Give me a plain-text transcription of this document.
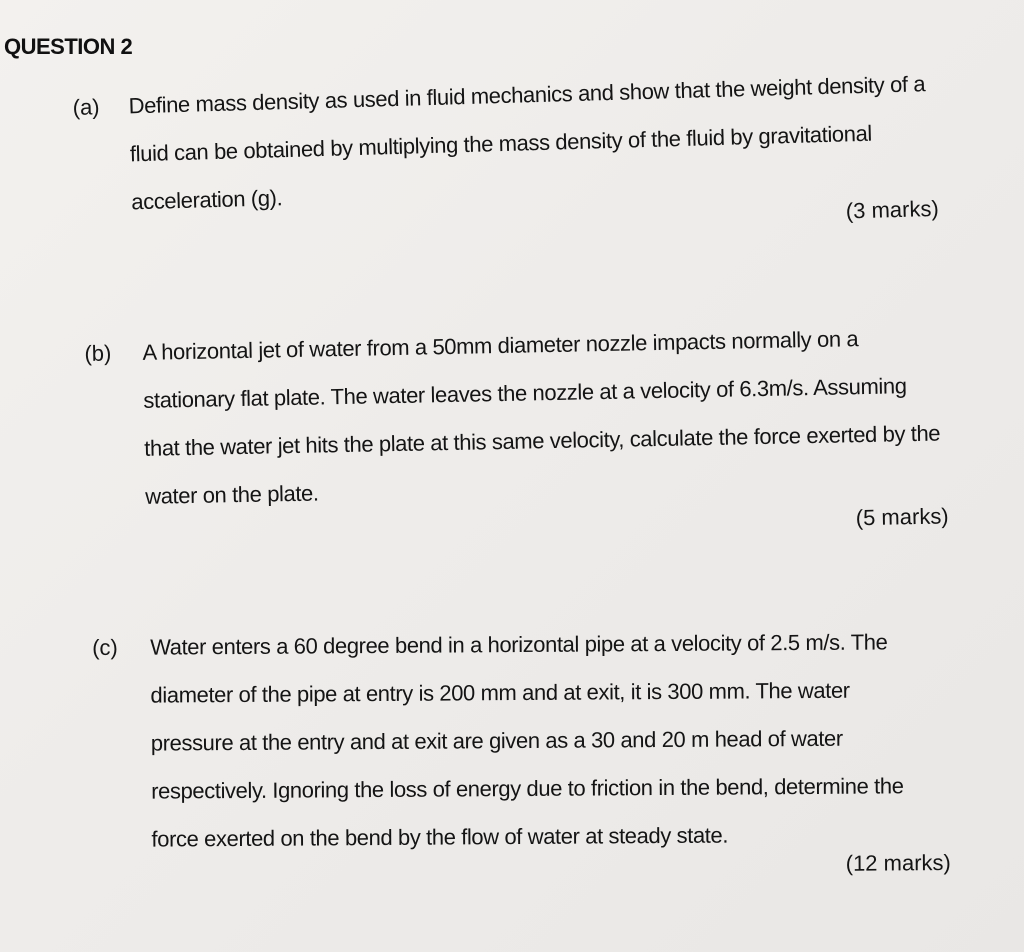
QUESTION 2
(a) Define mass density as used in fluid mechanics and show that the weight density of a fluid can be obtained by multiplying the mass density of the fluid by gravitational acceleration (g).	(3 marks)
(b) A horizontal jet of water from a 50mm diameter nozzle impacts normally on a stationary flat plate. The water leaves the nozzle at a velocity of 6.3m/s. Assuming that the water jet hits the plate at this same velocity, calculate the force exerted by the water on the plate.

(5 marks)
(c) Water enters a 60 degree bend in a horizontal pipe at a velocity of 2.5 m/s. The diameter of the pipe at entry is 200 mm and at exit, it is 300 mm. The water pressure at the entry and at exit are given as a 30 and 20 m head of water respectively. Ignoring the loss of energy due to friction in the bend, determine the force exerted on the bend by the flow of water at steady state.

(12 marks)
